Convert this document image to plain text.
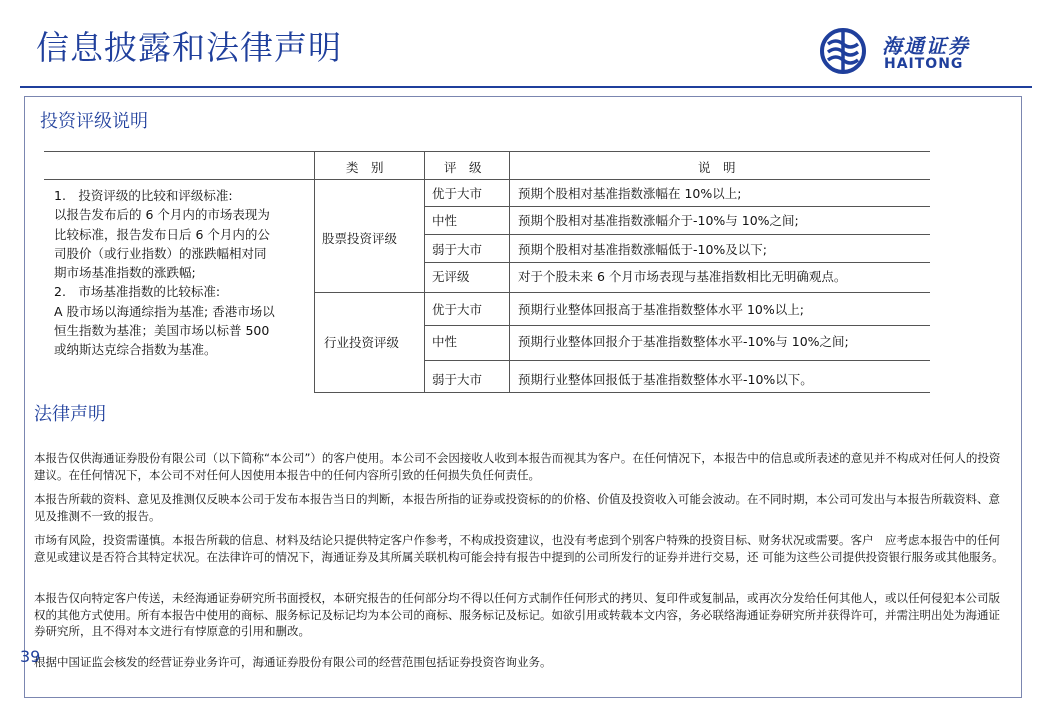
信息披露和法律声明	海通证券
HAITONG
投资评级说明

1.　投资评级的比较和评级标准:

以报告发布后的 6 个月内的市场表现为

比较标准，报告发布日后 6 个月内的公

司股价（或行业指数）的涨跌幅相对同

期市场基准指数的涨跌幅;

2.　市场基准指数的比较标准:

A 股市场以海通综指为基准; 香港市场以

恒生指数为基准；美国市场以标普 500

或纳斯达克综合指数为基准。

类　别	评　级	说　明
股票投资评级
优于大市	预期个股相对基准指数涨幅在 10%以上;
中性	预期个股相对基准指数涨幅介于-10%与 10%之间;
弱于大市	预期个股相对基准指数涨幅低于-10%及以下;
无评级	对于个股未来 6 个月市场表现与基准指数相比无明确观点。
行业投资评级
优于大市	预期行业整体回报高于基准指数整体水平 10%以上;
中性	预期行业整体回报介于基准指数整体水平-10%与 10%之间;
弱于大市	预期行业整体回报低于基准指数整体水平-10%以下。
法律声明

本报告仅供海通证券股份有限公司（以下简称“本公司”）的客户使用。本公司不会因接收人收到本报告而视其为客户。在任何情况下，本报告中的信息或所表述的意见并不构成对任何人的投资建议。在任何情况下，本公司不对任何人因使用本报告中的任何内容所引致的任何损失负任何责任。

本报告所载的资料、意见及推测仅反映本公司于发布本报告当日的判断，本报告所指的证券或投资标的的价格、价值及投资收入可能会波动。在不同时期，本公司可发出与本报告所载资料、意见及推测不一致的报告。

市场有风险，投资需谨慎。本报告所载的信息、材料及结论只提供特定客户作参考，不构成投资建议，也没有考虑到个别客户特殊的投资目标、财务状况或需要。客户　应考虑本报告中的任何意见或建议是否符合其特定状况。在法律许可的情况下，海通证券及其所属关联机构可能会持有报告中提到的公司所发行的证券并进行交易，还 可能为这些公司提供投资银行服务或其他服务。

本报告仅向特定客户传送，未经海通证券研究所书面授权，本研究报告的任何部分均不得以任何方式制作任何形式的拷贝、复印件或复制品，或再次分发给任何其他人，或以任何侵犯本公司版权的其他方式使用。所有本报告中使用的商标、服务标记及标记均为本公司的商标、服务标记及标记。如欲引用或转载本文内容，务必联络海通证券研究所并获得许可，并需注明出处为海通证券研究所，且不得对本文进行有悖原意的引用和删改。

根据中国证监会核发的经营证券业务许可，海通证券股份有限公司的经营范围包括证券投资咨询业务。

39
